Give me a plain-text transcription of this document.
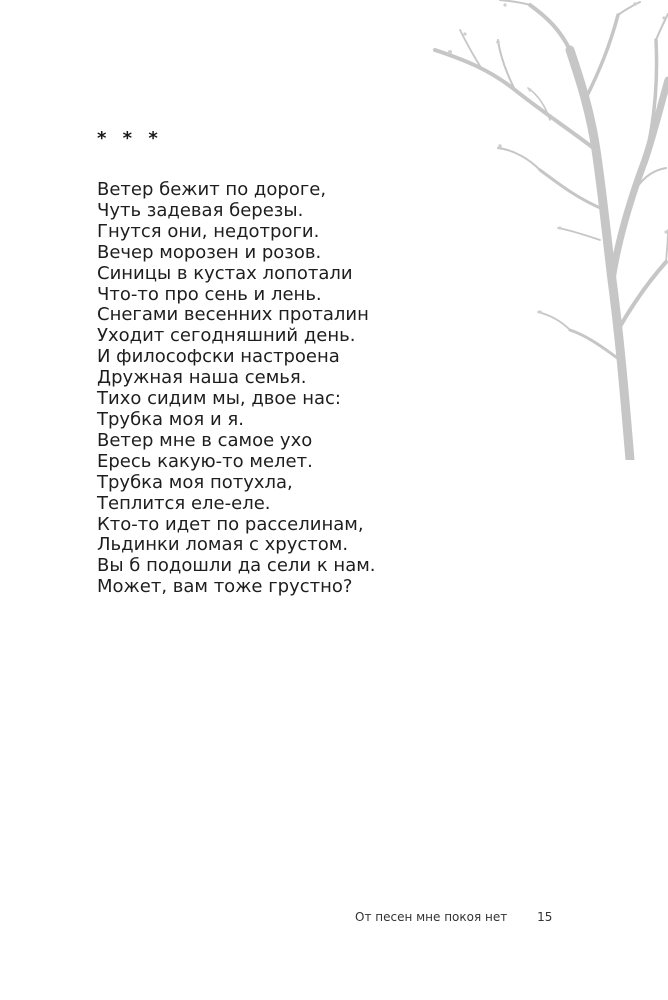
* * *
Ветер бежит по дороге,
Чуть задевая березы.
Гнутся они, недотроги.
Вечер морозен и розов.
Синицы в кустах лопотали
Что-то про сень и лень.
Снегами весенних проталин
Уходит сегодняшний день.
И философски настроена
Дружная наша семья.
Тихо сидим мы, двое нас:
Трубка моя и я.
Ветер мне в самое ухо
Ересь какую-то мелет.
Трубка моя потухла,
Теплится еле-еле.
Кто-то идет по расселинам,
Льдинки ломая с хрустом.
Вы б подошли да сели к нам.
Может, вам тоже грустно?
От песен мне покоя нет 15
